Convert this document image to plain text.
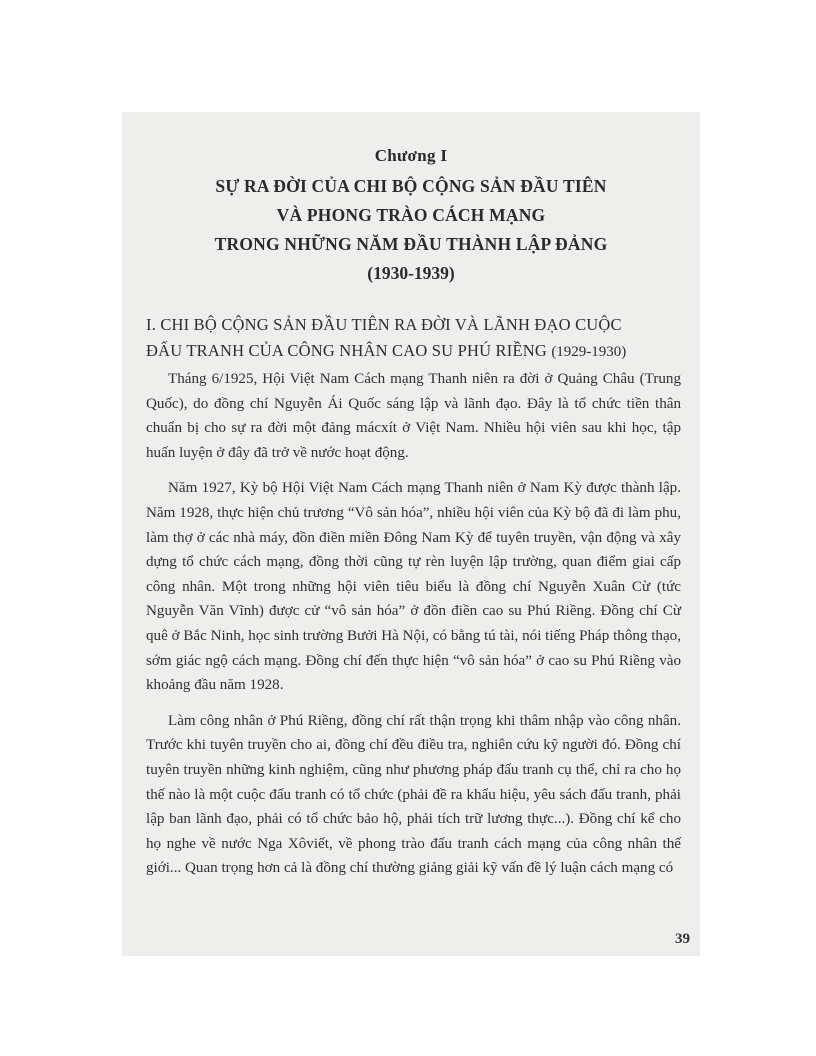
Chương I
SỰ RA ĐỜI CỦA CHI BỘ CỘNG SẢN ĐẦU TIÊN
VÀ PHONG TRÀO CÁCH MẠNG
TRONG NHỮNG NĂM ĐẦU THÀNH LẬP ĐẢNG
(1930-1939)
I. CHI BỘ CỘNG SẢN ĐẦU TIÊN RA ĐỜI VÀ LÃNH ĐẠO CUỘC
ĐẤU TRANH CỦA CÔNG NHÂN CAO SU PHÚ RIỀNG (1929-1930)

Tháng 6/1925, Hội Việt Nam Cách mạng Thanh niên ra đời ở Quảng Châu (Trung Quốc), do đồng chí Nguyễn Ái Quốc sáng lập và lãnh đạo. Đây là tổ chức tiền thân chuẩn bị cho sự ra đời một đảng mácxít ở Việt Nam. Nhiều hội viên sau khi học, tập huấn luyện ở đây đã trở về nước hoạt động.

Năm 1927, Kỳ bộ Hội Việt Nam Cách mạng Thanh niên ở Nam Kỳ được thành lập. Năm 1928, thực hiện chủ trương “Vô sản hóa”, nhiều hội viên của Kỳ bộ đã đi làm phu, làm thợ ở các nhà máy, đồn điền miền Đông Nam Kỳ để tuyên truyền, vận động và xây dựng tổ chức cách mạng, đồng thời cũng tự rèn luyện lập trường, quan điểm giai cấp công nhân. Một trong những hội viên tiêu biểu là đồng chí Nguyễn Xuân Cừ (tức Nguyễn Văn Vĩnh) được cử “vô sản hóa” ở đồn điền cao su Phú Riềng. Đồng chí Cừ quê ở Bắc Ninh, học sinh trường Bưởi Hà Nội, có bằng tú tài, nói tiếng Pháp thông thạo, sớm giác ngộ cách mạng. Đồng chí đến thực hiện “vô sản hóa” ở cao su Phú Riềng vào khoảng đầu năm 1928.

Làm công nhân ở Phú Riềng, đồng chí rất thận trọng khi thâm nhập vào công nhân. Trước khi tuyên truyền cho ai, đồng chí đều điều tra, nghiên cứu kỹ người đó. Đồng chí tuyên truyền những kinh nghiệm, cũng như phương pháp đấu tranh cụ thể, chỉ ra cho họ thế nào là một cuộc đấu tranh có tổ chức (phải đề ra khẩu hiệu, yêu sách đấu tranh, phải lập ban lãnh đạo, phải có tổ chức bảo hộ, phải tích trữ lương thực...). Đồng chí kể cho họ nghe về nước Nga Xôviết, về phong trào đấu tranh cách mạng của công nhân thế giới... Quan trọng hơn cả là đồng chí thường giảng giải kỹ vấn đề lý luận cách mạng có

39
